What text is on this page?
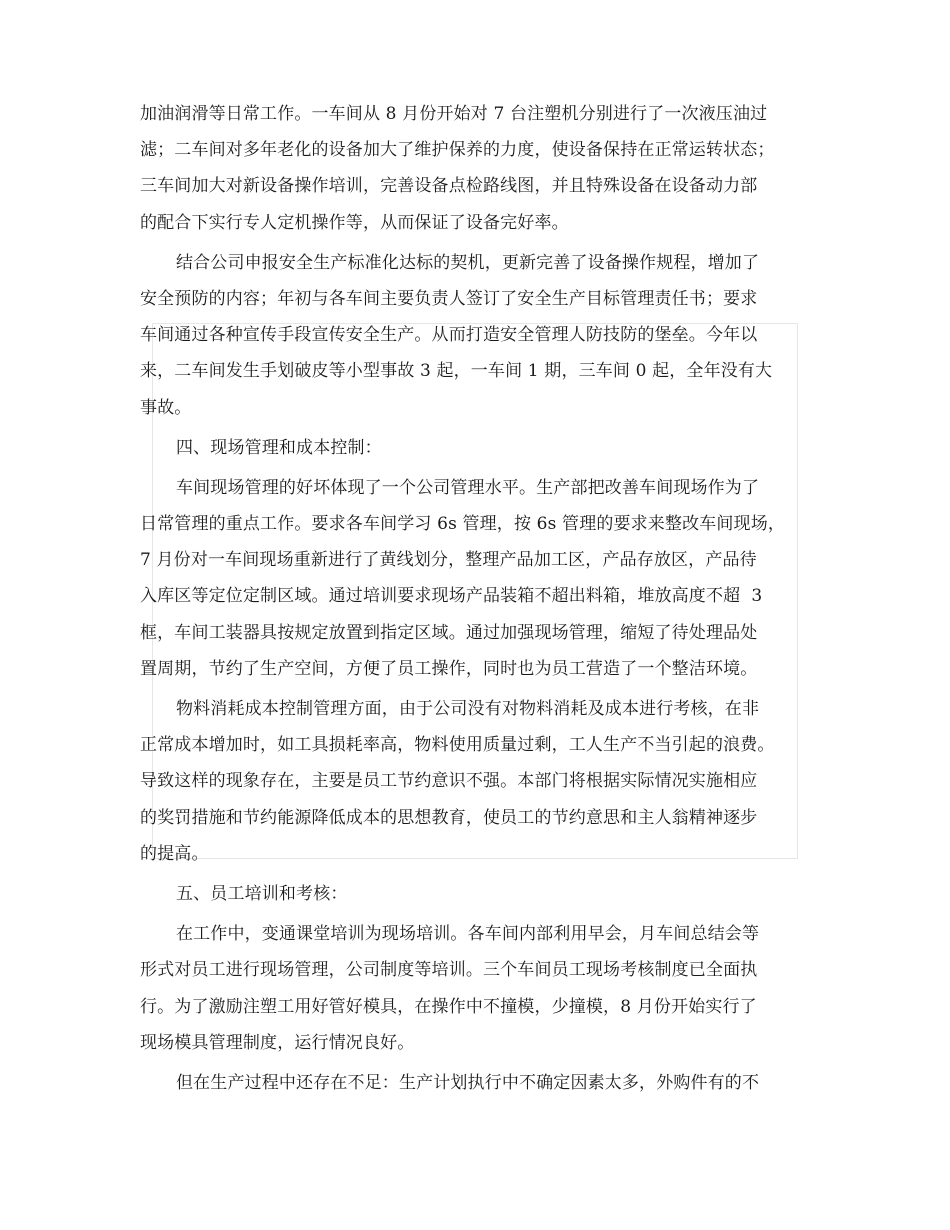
加油润滑等日常工作。一车间从 8 月份开始对 7 台注塑机分别进行了一次液压油过
滤；二车间对多年老化的设备加大了维护保养的力度，使设备保持在正常运转状态；
三车间加大对新设备操作培训，完善设备点检路线图，并且特殊设备在设备动力部
的配合下实行专人定机操作等，从而保证了设备完好率。
结合公司申报安全生产标准化达标的契机，更新完善了设备操作规程，增加了
安全预防的内容；年初与各车间主要负责人签订了安全生产目标管理责任书；要求
车间通过各种宣传手段宣传安全生产。从而打造安全管理人防技防的堡垒。今年以
来，二车间发生手划破皮等小型事故 3 起，一车间 1 期，三车间 0 起，全年没有大
事故。
四、现场管理和成本控制：
车间现场管理的好坏体现了一个公司管理水平。生产部把改善车间现场作为了
日常管理的重点工作。要求各车间学习 6s 管理，按 6s 管理的要求来整改车间现场，
7 月份对一车间现场重新进行了黄线划分，整理产品加工区，产品存放区，产品待
入库区等定位定制区域。通过培训要求现场产品装箱不超出料箱，堆放高度不超  3
框，车间工装器具按规定放置到指定区域。通过加强现场管理，缩短了待处理品处
置周期，节约了生产空间，方便了员工操作，同时也为员工营造了一个整洁环境。
物料消耗成本控制管理方面，由于公司没有对物料消耗及成本进行考核，在非
正常成本增加时，如工具损耗率高，物料使用质量过剩，工人生产不当引起的浪费。
导致这样的现象存在，主要是员工节约意识不强。本部门将根据实际情况实施相应
的奖罚措施和节约能源降低成本的思想教育，使员工的节约意思和主人翁精神逐步
的提高。
五、员工培训和考核：
在工作中，变通课堂培训为现场培训。各车间内部利用早会，月车间总结会等
形式对员工进行现场管理，公司制度等培训。三个车间员工现场考核制度已全面执
行。为了激励注塑工用好管好模具，在操作中不撞模，少撞模，8 月份开始实行了
现场模具管理制度，运行情况良好。
但在生产过程中还存在不足：生产计划执行中不确定因素太多，外购件有的不
